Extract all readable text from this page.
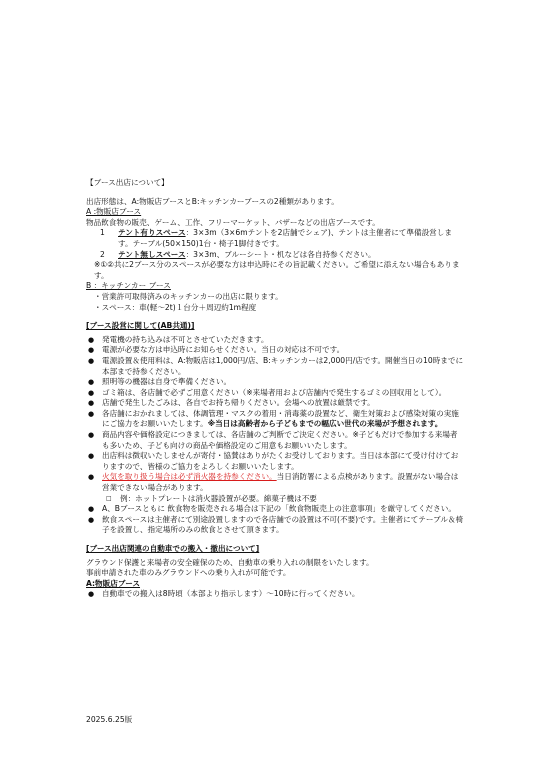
【ブース出店について】

出店形態は、A:物販店ブースとB:キッチンカーブースの2種類があります。

A :物販店ブース

物品飲食物の販売、ゲーム、工作、フリーマーケット、バザーなどの出店ブースです。

1	テント有りスペース：3×3m（3×6mテントを2店舗でシェア)、テントは主催者にて準備設営します。テーブル(50×150)1台・椅子1脚付きです。
2	テント無しスペース：3×3m、ブルーシート・机などは各自持参ください。

※①②共に2ブース分のスペースが必要な方は申込時にその旨記載ください。ご希望に添えない場合もあります。

B ：キッチンカー ブース

・営業許可取得済みのキッチンカーの出店に限ります。

・スペース：車(軽～2t)１台分＋周辺約1m程度

[ブース設営に関して(AB共通)]

●	発電機の持ち込みは不可とさせていただきます。
●	電源が必要な方は申込時にお知らせください。当日の対応は不可です。
●	電源設置＆使用料は、A:物販店は1,000円/店、B:キッチンカーは2,000円/店です。開催当日の10時までに本部まで持参ください。
●	照明等の機器は自身で準備ください。
●	ゴミ箱は、各店舗で必ずご用意ください（※来場者用および店舗内で発生するゴミの回収用として）。
●	店舗で発生したごみは、各自でお持ち帰りください。会場への放置は厳禁です。
●	各店舗におかれましては、体調管理・マスクの着用・消毒薬の設置など、衛生対策および感染対策の実施にご協力をお願いいたします。※当日は高齢者から子どもまでの幅広い世代の来場が予想されます。
●	商品内容や価格設定につきましては、各店舗のご判断でご決定ください。※子どもだけで参加する来場者も多いため、子ども向けの商品や価格設定のご用意もお願いいたします。
●	出店料は徴収いたしませんが寄付・協賛はありがたくお受けしております。当日は本部にて受け付けておりますので、皆様のご協力をよろしくお願いいたします。
●	火気を取り扱う場合は必ず消火器を持参ください。当日消防署による点検があります。設置がない場合は営業できない場合があります。
□	例：ホットプレートは消火器設置が必要。綿菓子機は不要
●	A、Bブースともに 飲食物を販売される場合は下記の「飲食物販売上の注意事項」を厳守してください。
●	飲食スペースは主催者にて別途設置しますので各店舗での設置は不可(不要)です。主催者にてテーブル＆椅子を設置し、指定場所のみの飲食とさせて頂きます。

[ブース出店関連の自動車での搬入・撤出について]

グラウンド保護と来場者の安全確保のため、自動車の乗り入れの制限をいたします。

事前申請された車のみグラウンドへの乗り入れが可能です。

A:物販店ブース

●	自動車での搬入は8時頃（本部より指示します）～10時に行ってください。
2025.6.25版
